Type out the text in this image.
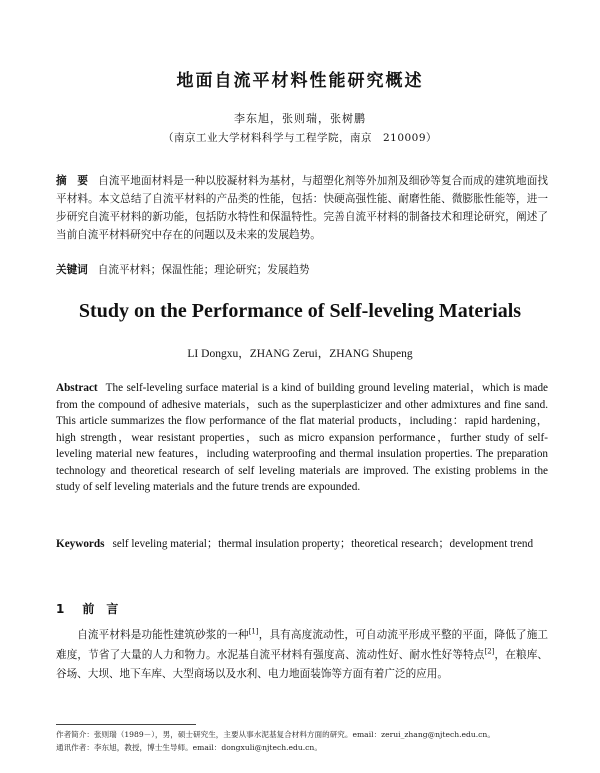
地面自流平材料性能研究概述
李东旭，张则瑞，张树鹏
（南京工业大学材料科学与工程学院，南京　210009）
摘　要 自流平地面材料是一种以胶凝材料为基材，与超塑化剂等外加剂及细砂等复合而成的建筑地面找平材料。本文总结了自流平材料的产品类的性能，包括：快硬高强性能、耐磨性能、微膨胀性能等，进一步研究自流平材料的新功能，包括防水特性和保温特性。完善自流平材料的制备技术和理论研究，阐述了当前自流平材料研究中存在的问题以及未来的发展趋势。
关键词 自流平材料；保温性能；理论研究；发展趋势
Study on the Performance of Self-leveling Materials
LI Dongxu，ZHANG Zerui，ZHANG Shupeng
Abstract The self-leveling surface material is a kind of building ground leveling material，which is made from the compound of adhesive materials，such as the superplasticizer and other admixtures and fine sand. This article summarizes the flow performance of the flat material products，including：rapid hardening，high strength，wear resistant properties，such as micro expansion performance，further study of self-leveling material new features，including waterproofing and thermal insulation properties. The preparation technology and theoretical research of self leveling materials are improved. The existing problems in the study of self leveling materials and the future trends are expounded.
Keywords self leveling material；thermal insulation property；theoretical research；development trend
1 前　言
自流平材料是功能性建筑砂浆的一种[1]，具有高度流动性，可自动流平形成平整的平面，降低了施工难度，节省了大量的人力和物力。水泥基自流平材料有强度高、流动性好、耐水性好等特点[2]，在粮库、谷场、大坝、地下车库、大型商场以及水利、电力地面装饰等方面有着广泛的应用。
作者简介：张则瑞（1989－），男，硕士研究生，主要从事水泥基复合材料方面的研究。email：zerui_zhang@njtech.edu.cn。
通讯作者：李东旭，教授，博士生导师。email：dongxuli@njtech.edu.cn。
